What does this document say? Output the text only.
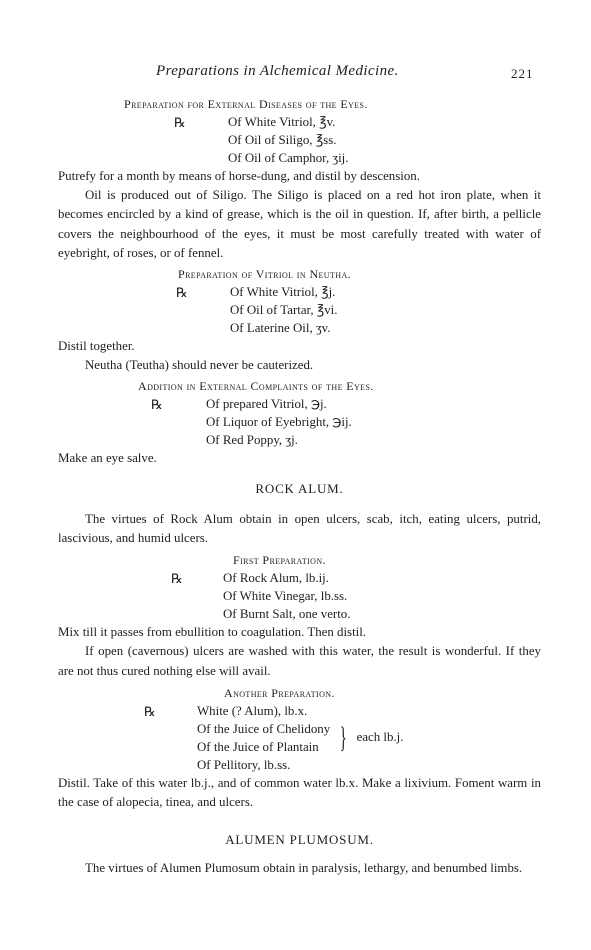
Preparations in Alchemical Medicine.	221
Preparation for External Diseases of the Eyes.
℞	Of White Vitriol, ℥v.
Of Oil of Siligo, ℥ss.
Of Oil of Camphor, ʒij.

Putrefy for a month by means of horse-dung, and distil by descension.

Oil is produced out of Siligo. The Siligo is placed on a red hot iron plate, when it becomes encircled by a kind of grease, which is the oil in question. If, after birth, a pellicle covers the neighbourhood of the eyes, it must be most carefully treated with water of eyebright, of roses, or of fennel.

Preparation of Vitriol in Neutha.
℞	Of White Vitriol, ℥j.
Of Oil of Tartar, ℥vi.
Of Laterine Oil, ʒv.

Distil together.

Neutha (Teutha) should never be cauterized.

Addition in External Complaints of the Eyes.
℞	Of prepared Vitriol, ℈j.
Of Liquor of Eyebright, ℈ij.
Of Red Poppy, ʒj.

Make an eye salve.

ROCK ALUM.

The virtues of Rock Alum obtain in open ulcers, scab, itch, eating ulcers, putrid, lascivious, and humid ulcers.

First Preparation.
℞	Of Rock Alum, lb.ij.
Of White Vinegar, lb.ss.
Of Burnt Salt, one verto.

Mix till it passes from ebullition to coagulation. Then distil.

If open (cavernous) ulcers are washed with this water, the result is wonderful. If they are not thus cured nothing else will avail.

Another Preparation.
℞	White (? Alum), lb.x.
Of the Juice of Chelidony
Of the Juice of Plantain } each lb.j.
Of Pellitory, lb.ss.

Distil. Take of this water lb.j., and of common water lb.x. Make a lixivium. Foment warm in the case of alopecia, tinea, and ulcers.

ALUMEN PLUMOSUM.

The virtues of Alumen Plumosum obtain in paralysis, lethargy, and benumbed limbs.
